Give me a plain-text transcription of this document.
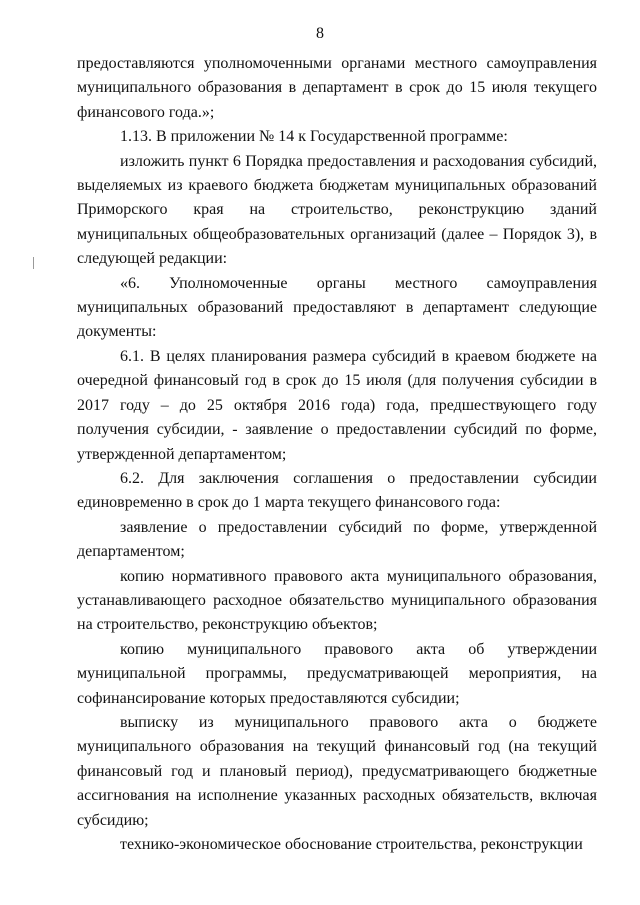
8

предоставляются уполномоченными органами местного самоуправления муниципального образования в департамент в срок до 15 июля текущего финансового года.»;

1.13. В приложении № 14 к Государственной программе:

изложить пункт 6 Порядка предоставления и расходования субсидий, выделяемых из краевого бюджета бюджетам муниципальных образований Приморского края на строительство, реконструкцию зданий муниципальных общеобразовательных организаций (далее – Порядок 3), в следующей редакции:

«6. Уполномоченные органы местного самоуправления муниципальных образований предоставляют в департамент следующие документы:

6.1. В целях планирования размера субсидий в краевом бюджете на очередной финансовый год в срок до 15 июля (для получения субсидии в 2017 году – до 25 октября 2016 года) года, предшествующего году получения субсидии, - заявление о предоставлении субсидий по форме, утвержденной департаментом;

6.2. Для заключения соглашения о предоставлении субсидии единовременно в срок до 1 марта текущего финансового года:

заявление о предоставлении субсидий по форме, утвержденной департаментом;

копию нормативного правового акта муниципального образования, устанавливающего расходное обязательство муниципального образования на строительство, реконструкцию объектов;

копию муниципального правового акта об утверждении муниципальной программы, предусматривающей мероприятия, на софинансирование которых предоставляются субсидии;

выписку из муниципального правового акта о бюджете муниципального образования на текущий финансовый год (на текущий финансовый год и плановый период), предусматривающего бюджетные ассигнования на исполнение указанных расходных обязательств, включая субсидию;

технико-экономическое обоснование строительства, реконструкции
